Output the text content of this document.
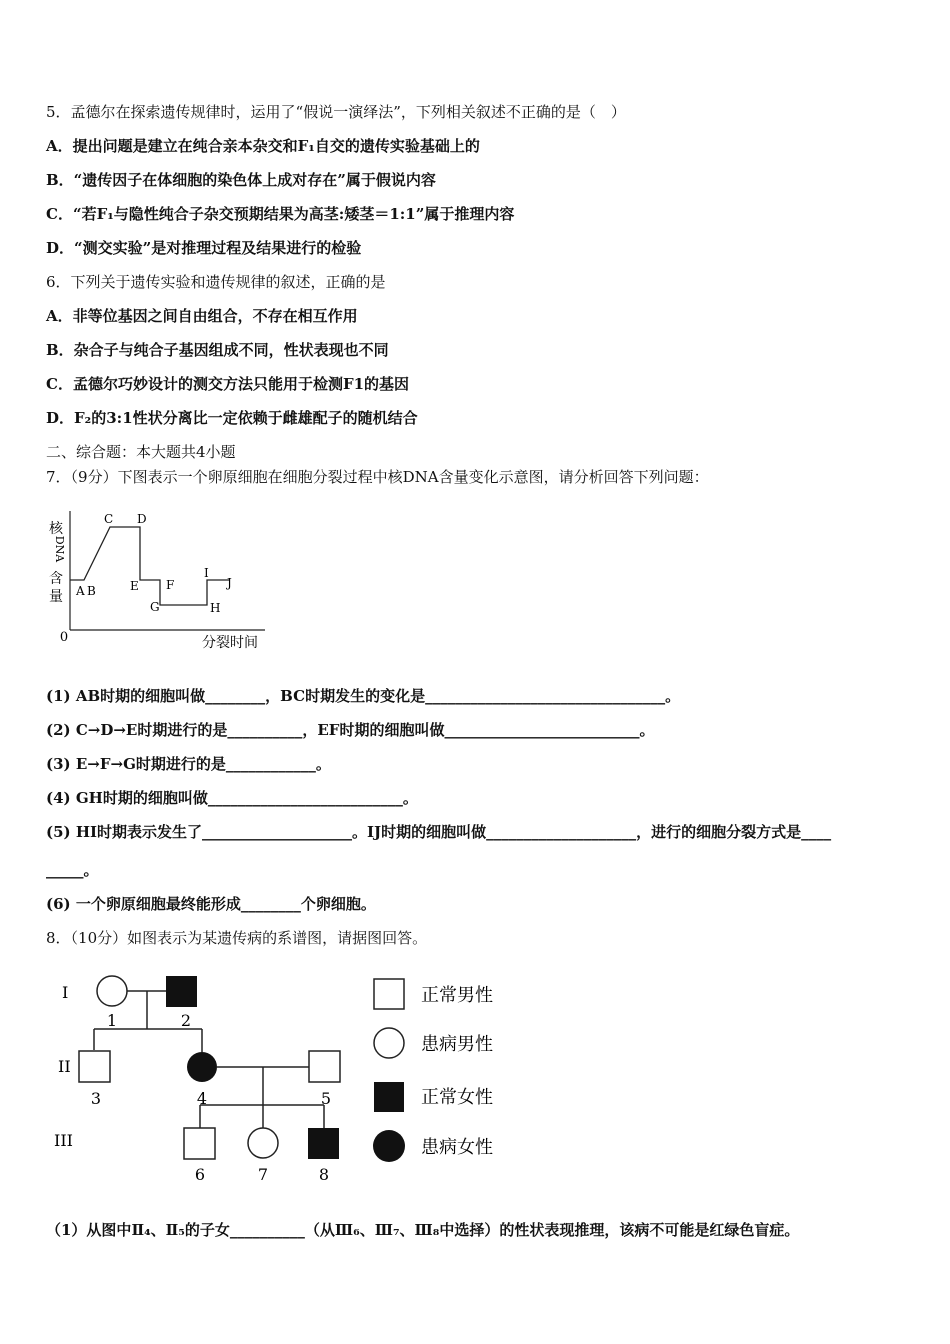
5．孟德尔在探索遗传规律时，运用了“假说一演绎法”，下列相关叙述不正确的是（　）
A．提出问题是建立在纯合亲本杂交和F₁自交的遗传实验基础上的
B．“遗传因子在体细胞的染色体上成对存在”属于假说内容
C．“若F₁与隐性纯合子杂交预期结果为高茎:矮茎＝1:1”属于推理内容
D．“测交实验”是对推理过程及结果进行的检验
6．下列关于遗传实验和遗传规律的叙述，正确的是
A．非等位基因之间自由组合，不存在相互作用
B．杂合子与纯合子基因组成不同，性状表现也不同
C．孟德尔巧妙设计的测交方法只能用于检测F1的基因
D．F₂的3:1性状分离比一定依赖于雌雄配子的随机结合
二、综合题：本大题共4小题
7．（9分）下图表示一个卵原细胞在细胞分裂过程中核DNA含量变化示意图，请分析回答下列问题：
核
DNA
含
量
0	分裂时间
A B
C D
E F
G	H
I
J
(1) AB时期的细胞叫做________，BC时期发生的变化是________________________________。
(2) C→D→E时期进行的是__________，EF时期的细胞叫做__________________________。
(3) E→F→G时期进行的是____________。
(4) GH时期的细胞叫做__________________________。
(5) HI时期表示发生了____________________。IJ时期的细胞叫做____________________，进行的细胞分裂方式是____
_____。
(6) 一个卵原细胞最终能形成________个卵细胞。
8．（10分）如图表示为某遗传病的系谱图，请据图回答。
I
II
III
1	2
3	4	5
6	7	8
正常男性
患病男性
正常女性
患病女性
（1）从图中Ⅱ₄、Ⅱ₅的子女__________（从Ⅲ₆、Ⅲ₇、Ⅲ₈中选择）的性状表现推理，该病不可能是红绿色盲症。
